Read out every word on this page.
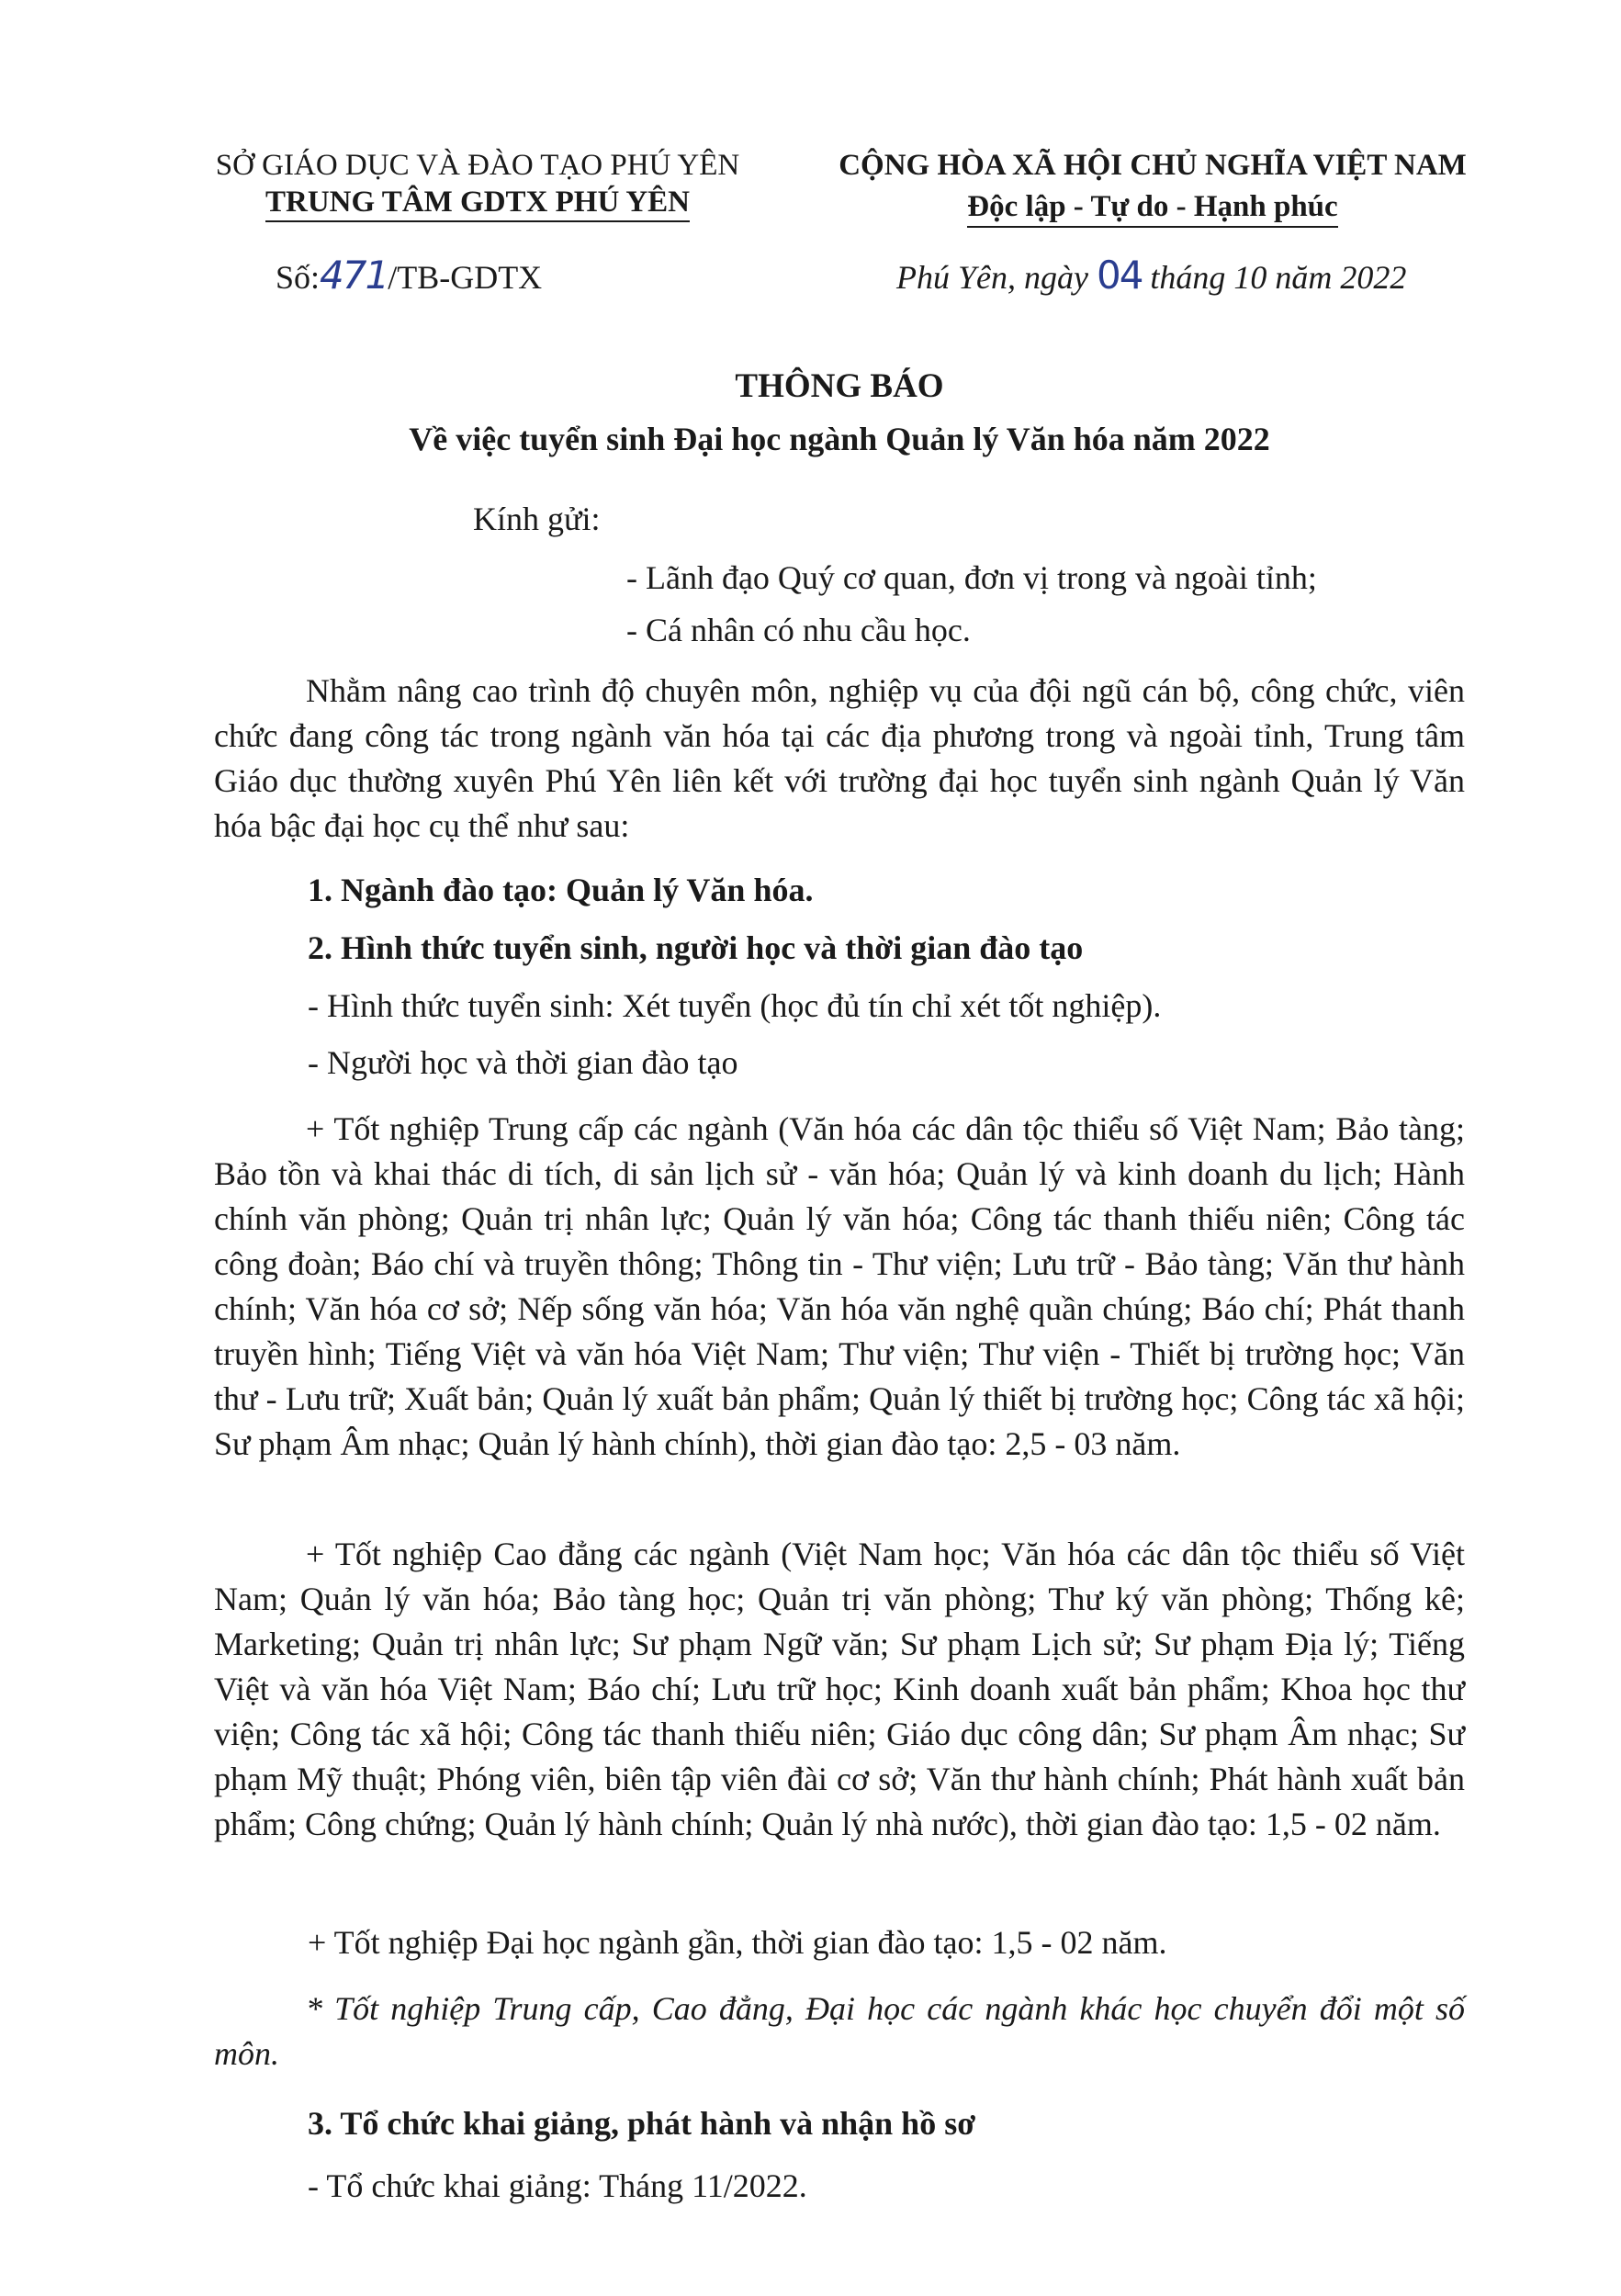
SỞ GIÁO DỤC VÀ ĐÀO TẠO PHÚ YÊN
TRUNG TÂM GDTX PHÚ YÊN
Số:471/TB-GDTX
CỘNG HÒA XÃ HỘI CHỦ NGHĨA VIỆT NAM
Độc lập - Tự do - Hạnh phúc
Phú Yên, ngày 04 tháng 10 năm 2022
THÔNG BÁO
Về việc tuyển sinh Đại học ngành Quản lý Văn hóa năm 2022
Kính gửi:
- Lãnh đạo Quý cơ quan, đơn vị trong và ngoài tỉnh;
- Cá nhân có nhu cầu học.
Nhằm nâng cao trình độ chuyên môn, nghiệp vụ của đội ngũ cán bộ, công chức, viên chức đang công tác trong ngành văn hóa tại các địa phương trong và ngoài tỉnh, Trung tâm Giáo dục thường xuyên Phú Yên liên kết với trường đại học tuyển sinh ngành Quản lý Văn hóa bậc đại học cụ thể như sau:
1. Ngành đào tạo: Quản lý Văn hóa.
2. Hình thức tuyển sinh, người học và thời gian đào tạo
- Hình thức tuyển sinh: Xét tuyển (học đủ tín chỉ xét tốt nghiệp).
- Người học và thời gian đào tạo
+ Tốt nghiệp Trung cấp các ngành (Văn hóa các dân tộc thiểu số Việt Nam; Bảo tàng; Bảo tồn và khai thác di tích, di sản lịch sử - văn hóa; Quản lý và kinh doanh du lịch; Hành chính văn phòng; Quản trị nhân lực; Quản lý văn hóa; Công tác thanh thiếu niên; Công tác công đoàn; Báo chí và truyền thông; Thông tin - Thư viện; Lưu trữ - Bảo tàng; Văn thư hành chính; Văn hóa cơ sở; Nếp sống văn hóa; Văn hóa văn nghệ quần chúng; Báo chí; Phát thanh truyền hình; Tiếng Việt và văn hóa Việt Nam; Thư viện; Thư viện - Thiết bị trường học; Văn thư - Lưu trữ; Xuất bản; Quản lý xuất bản phẩm; Quản lý thiết bị trường học; Công tác xã hội; Sư phạm Âm nhạc; Quản lý hành chính), thời gian đào tạo: 2,5 - 03 năm.
+ Tốt nghiệp Cao đẳng các ngành (Việt Nam học; Văn hóa các dân tộc thiểu số Việt Nam; Quản lý văn hóa; Bảo tàng học; Quản trị văn phòng; Thư ký văn phòng; Thống kê; Marketing; Quản trị nhân lực; Sư phạm Ngữ văn; Sư phạm Lịch sử; Sư phạm Địa lý; Tiếng Việt và văn hóa Việt Nam; Báo chí; Lưu trữ học; Kinh doanh xuất bản phẩm; Khoa học thư viện; Công tác xã hội; Công tác thanh thiếu niên; Giáo dục công dân; Sư phạm Âm nhạc; Sư phạm Mỹ thuật; Phóng viên, biên tập viên đài cơ sở; Văn thư hành chính; Phát hành xuất bản phẩm; Công chứng; Quản lý hành chính; Quản lý nhà nước), thời gian đào tạo: 1,5 - 02 năm.
+ Tốt nghiệp Đại học ngành gần, thời gian đào tạo: 1,5 - 02 năm.
* Tốt nghiệp Trung cấp, Cao đẳng, Đại học các ngành khác học chuyển đổi một số môn.
3. Tổ chức khai giảng, phát hành và nhận hồ sơ
- Tổ chức khai giảng: Tháng 11/2022.
